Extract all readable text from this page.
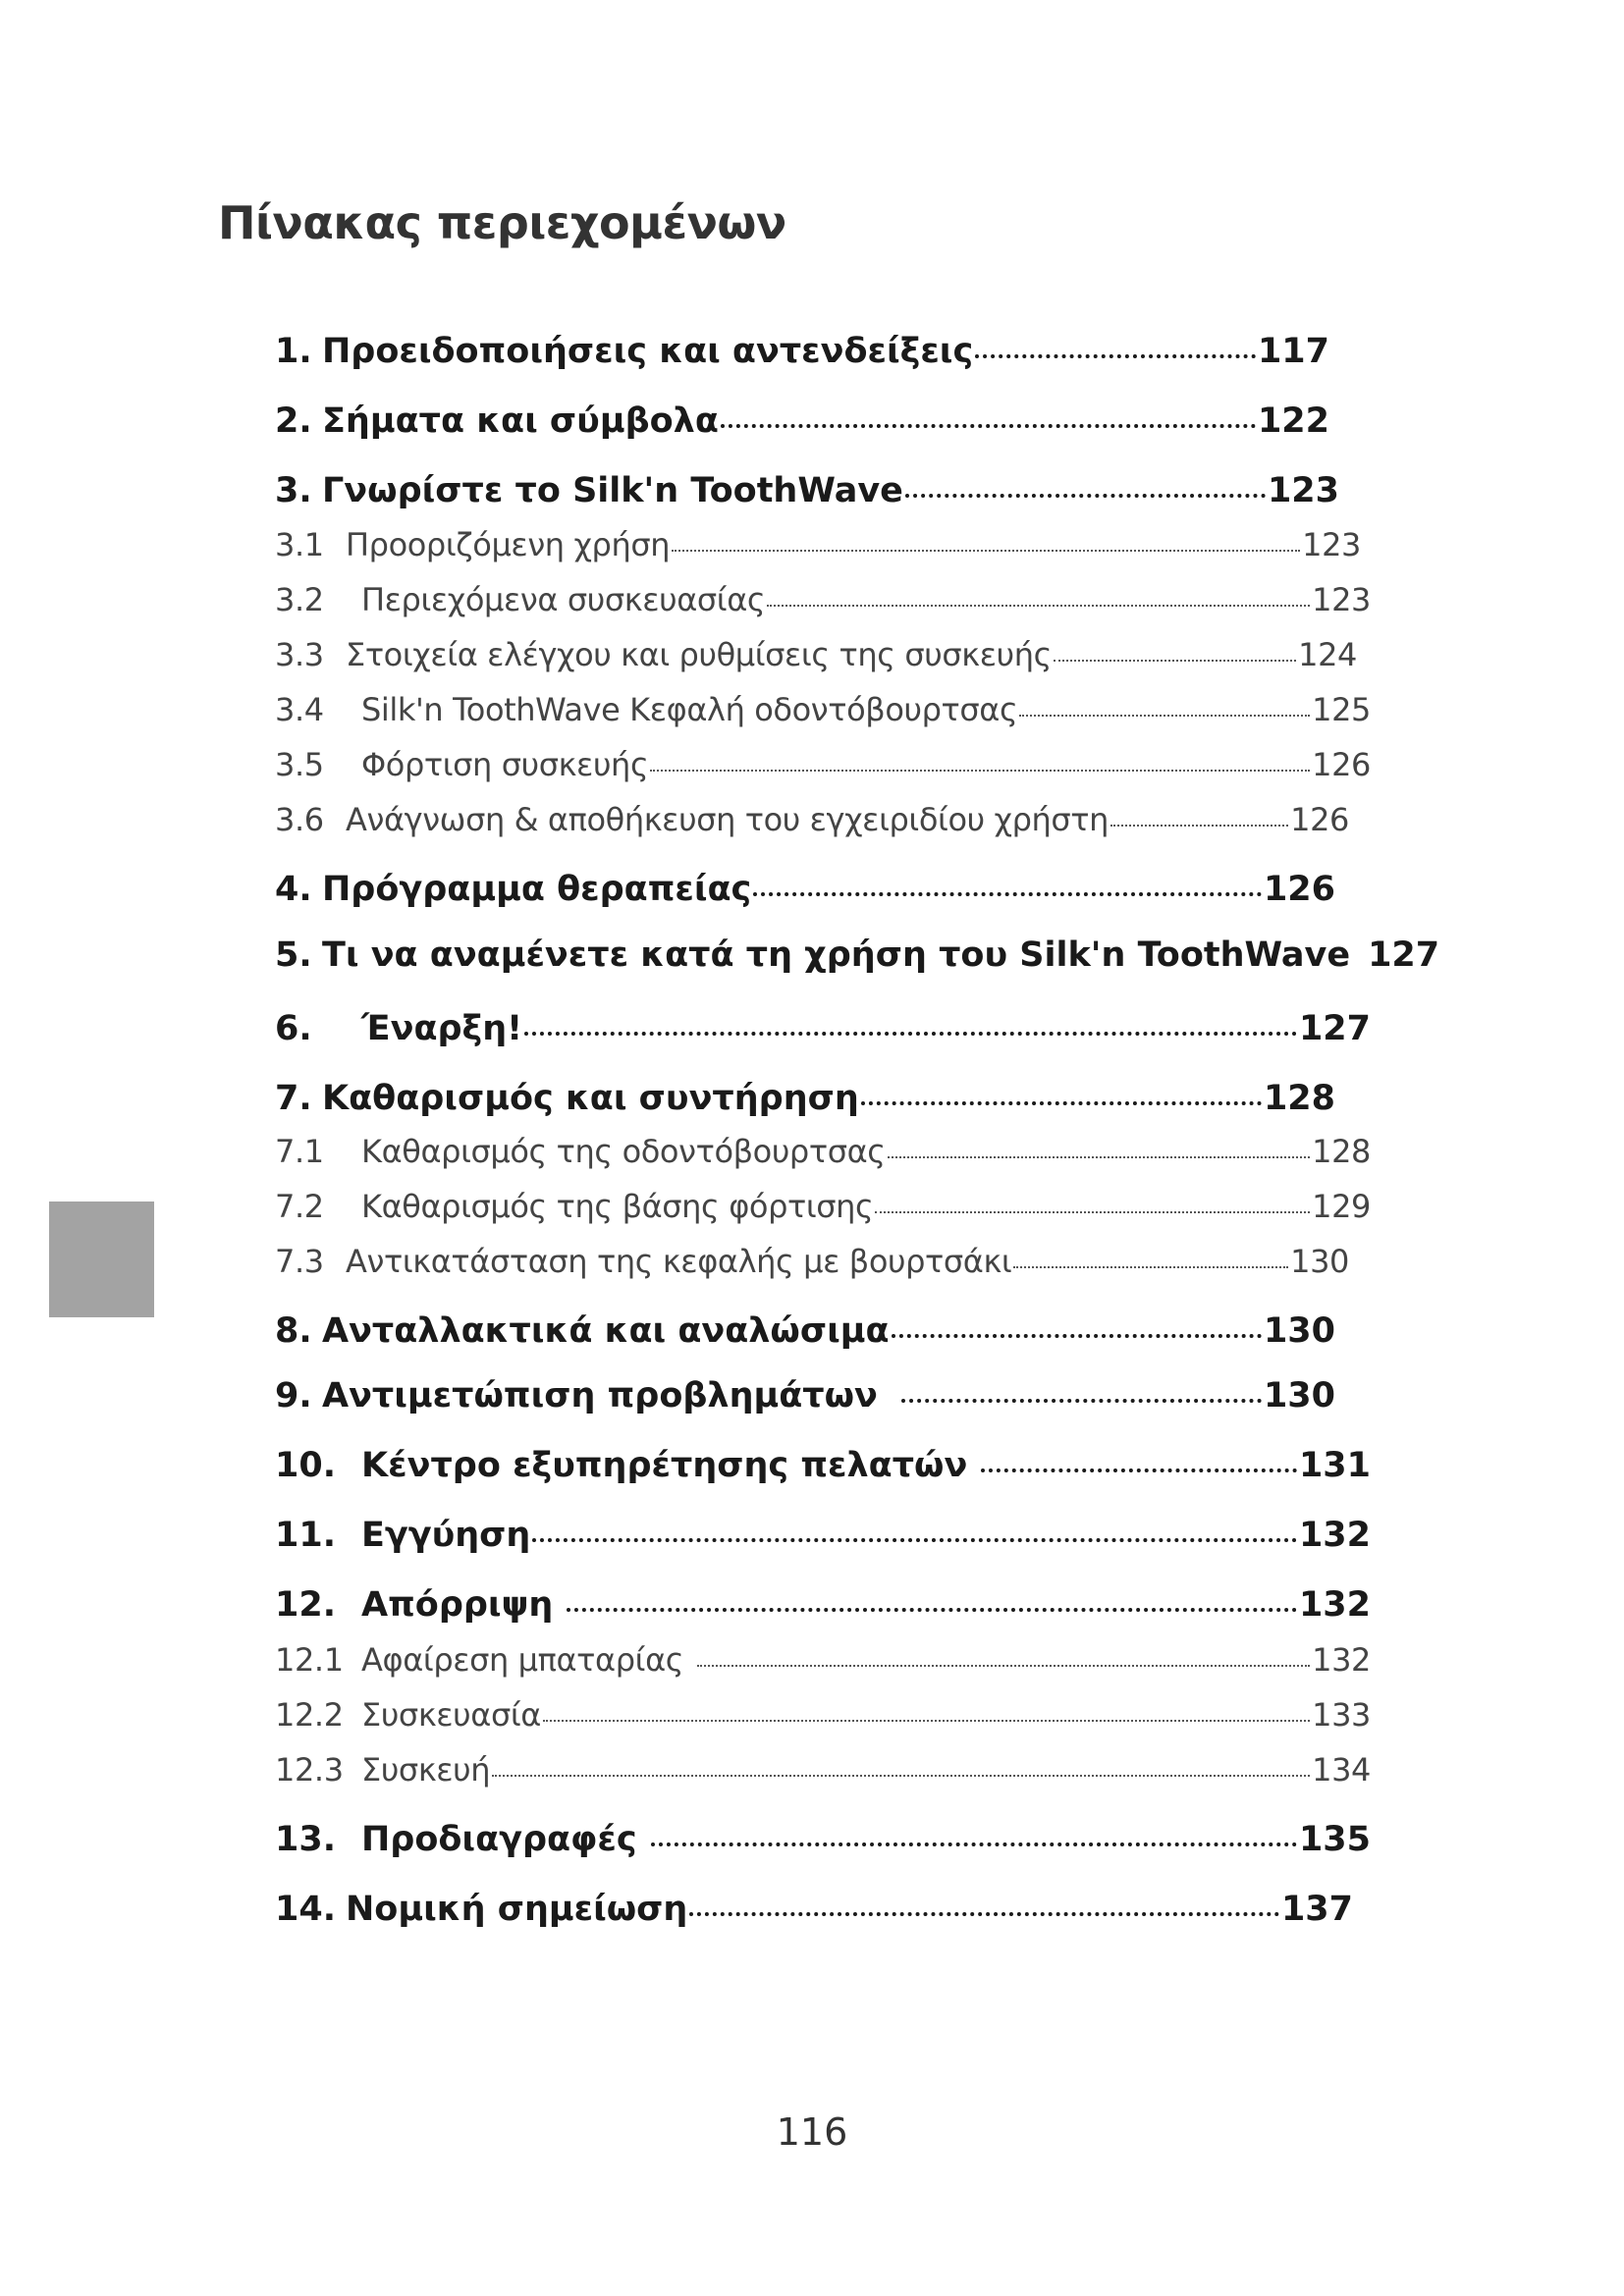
Πίνακας περιεχομένων
1. Προειδοποιήσεις και αντενδείξεις	117
2. Σήματα και σύμβολα	122
3. Γνωρίστε το Silk'n ToothWave	123
3.1 Προοριζόμενη χρήση	123
3.2	Περιεχόμενα συσκευασίας	123
3.3 Στοιχεία ελέγχου και ρυθμίσεις της συσκευής	124
3.4	Silk'n ToothWave Κεφαλή οδοντόβουρτσας	125
3.5	Φόρτιση συσκευής	126
3.6 Ανάγνωση & αποθήκευση του εγχειριδίου χρήστη	126
4. Πρόγραμμα θεραπείας	126
5. Τι να αναμένετε κατά τη χρήση του Silk'n ToothWave 127
6.	Έναρξη!	127
7. Καθαρισμός και συντήρηση	128
7.1	Καθαρισμός της οδοντόβουρτσας	128
7.2	Καθαρισμός της βάσης φόρτισης	129
7.3 Αντικατάσταση της κεφαλής με βουρτσάκι	130
8. Ανταλλακτικά και αναλώσιμα	130
9. Αντιμετώπιση προβλημάτων	130
10. Κέντρο εξυπηρέτησης πελατών	131
11. Εγγύηση	132
12. Απόρριψη	132
12.1 Αφαίρεση μπαταρίας	132
12.2 Συσκευασία	133
12.3 Συσκευή	134
13. Προδιαγραφές	135
14. Νομική σημείωση	137
116
